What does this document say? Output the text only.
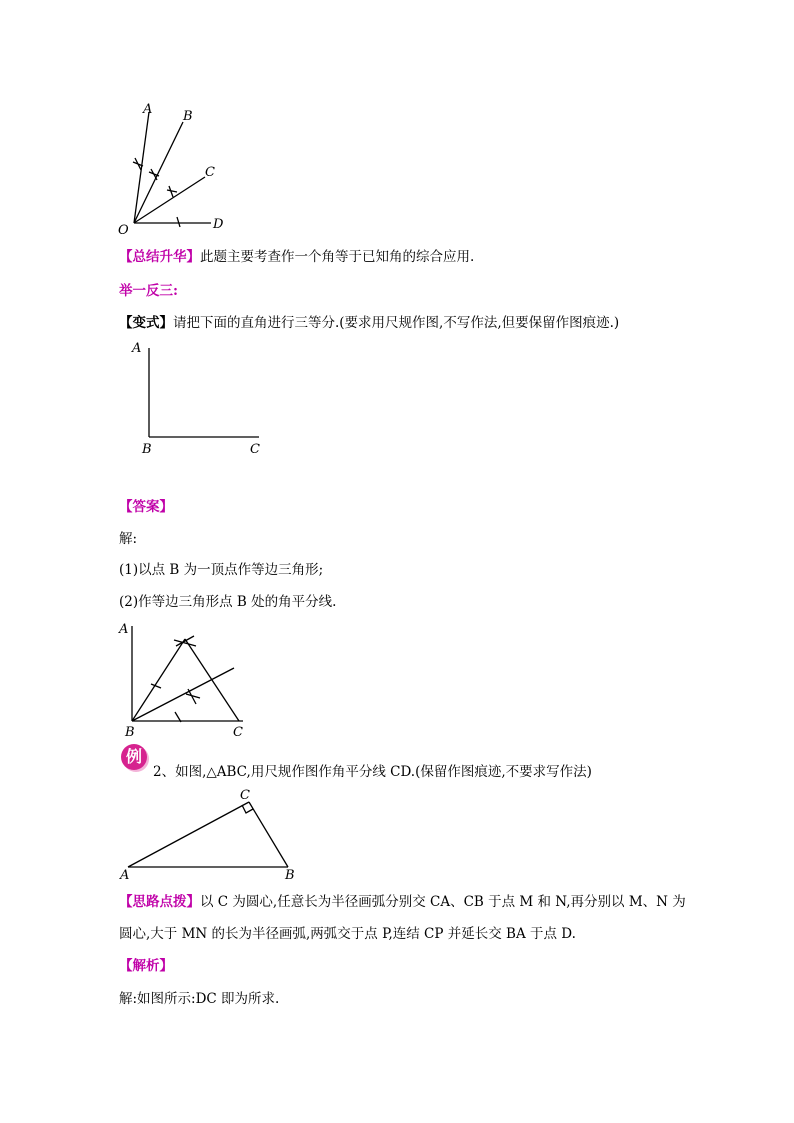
A B
C
D
O
【总结升华】此题主要考查作一个角等于已知角的综合应用.
举一反三:
【变式】请把下面的直角进行三等分.(要求用尺规作图,不写作法,但要保留作图痕迹.)
A
B	C
【答案】
解:
(1)以点 B 为一顶点作等边三角形;
(2)作等边三角形点 B 处的角平分线.
A
B	C
例
2、如图,△ABC,用尺规作图作角平分线 CD.(保留作图痕迹,不要求写作法)
C
A	B
【思路点拨】以 C 为圆心,任意长为半径画弧分别交 CA、CB 于点 M 和 N,再分别以 M、N 为
圆心,大于 MN 的长为半径画弧,两弧交于点 P,连结 CP 并延长交 BA 于点 D.
【解析】
解:如图所示:DC 即为所求.
